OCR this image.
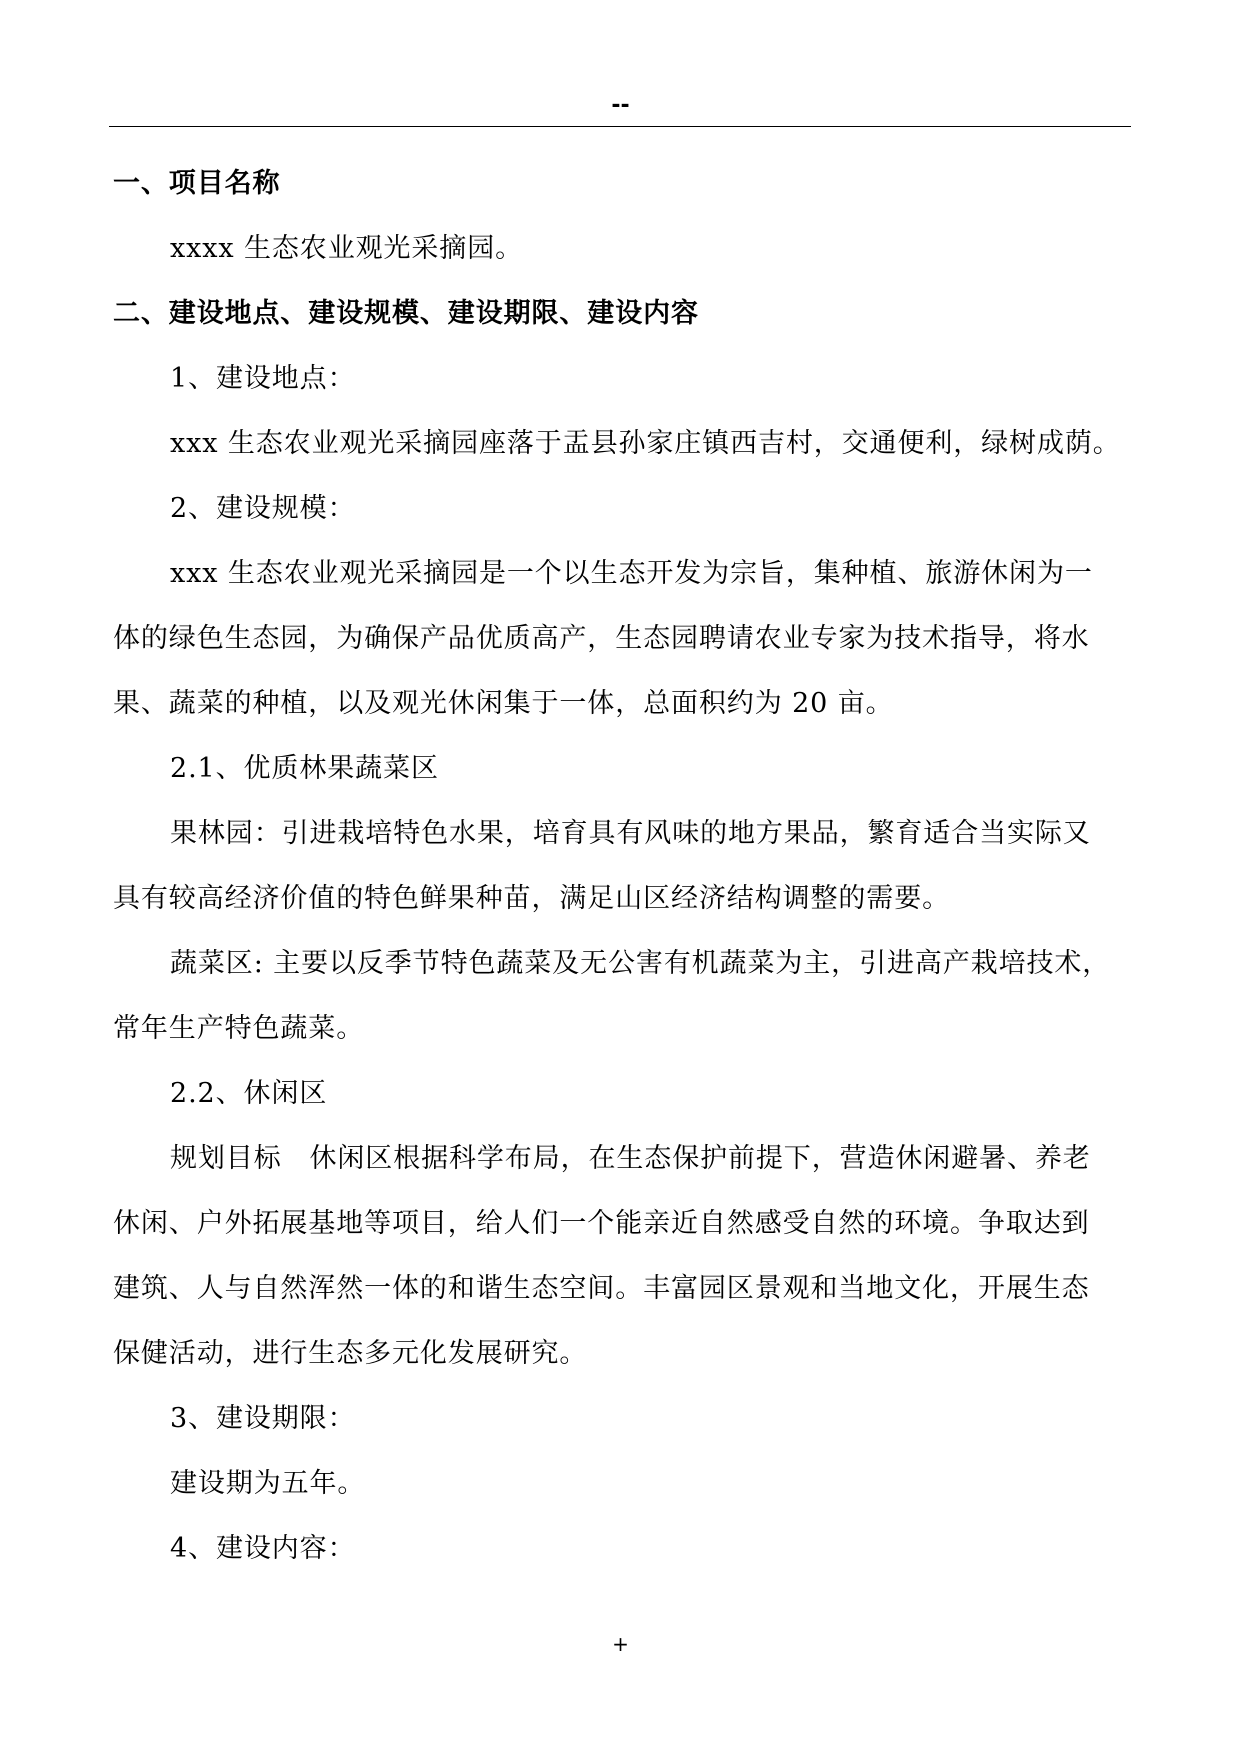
--
一、项目名称
xxxx 生态农业观光采摘园。
二、建设地点、建设规模、建设期限、建设内容
1、建设地点：
xxx 生态农业观光采摘园座落于盂县孙家庄镇西吉村，交通便利，绿树成荫。
2、建设规模：
xxx 生态农业观光采摘园是一个以生态开发为宗旨，集种植、旅游休闲为一
体的绿色生态园，为确保产品优质高产，生态园聘请农业专家为技术指导，将水
果、蔬菜的种植，以及观光休闲集于一体，总面积约为 20 亩。
2.1、优质林果蔬菜区
果林园：引进栽培特色水果，培育具有风味的地方果品，繁育适合当实际又
具有较高经济价值的特色鲜果种苗，满足山区经济结构调整的需要。
蔬菜区: 主要以反季节特色蔬菜及无公害有机蔬菜为主，引进高产栽培技术，
常年生产特色蔬菜。
2.2、休闲区
规划目标　休闲区根据科学布局，在生态保护前提下，营造休闲避暑、养老
休闲、户外拓展基地等项目，给人们一个能亲近自然感受自然的环境。争取达到
建筑、人与自然浑然一体的和谐生态空间。丰富园区景观和当地文化，开展生态
保健活动，进行生态多元化发展研究。
3、建设期限：
建设期为五年。
4、建设内容：
+
